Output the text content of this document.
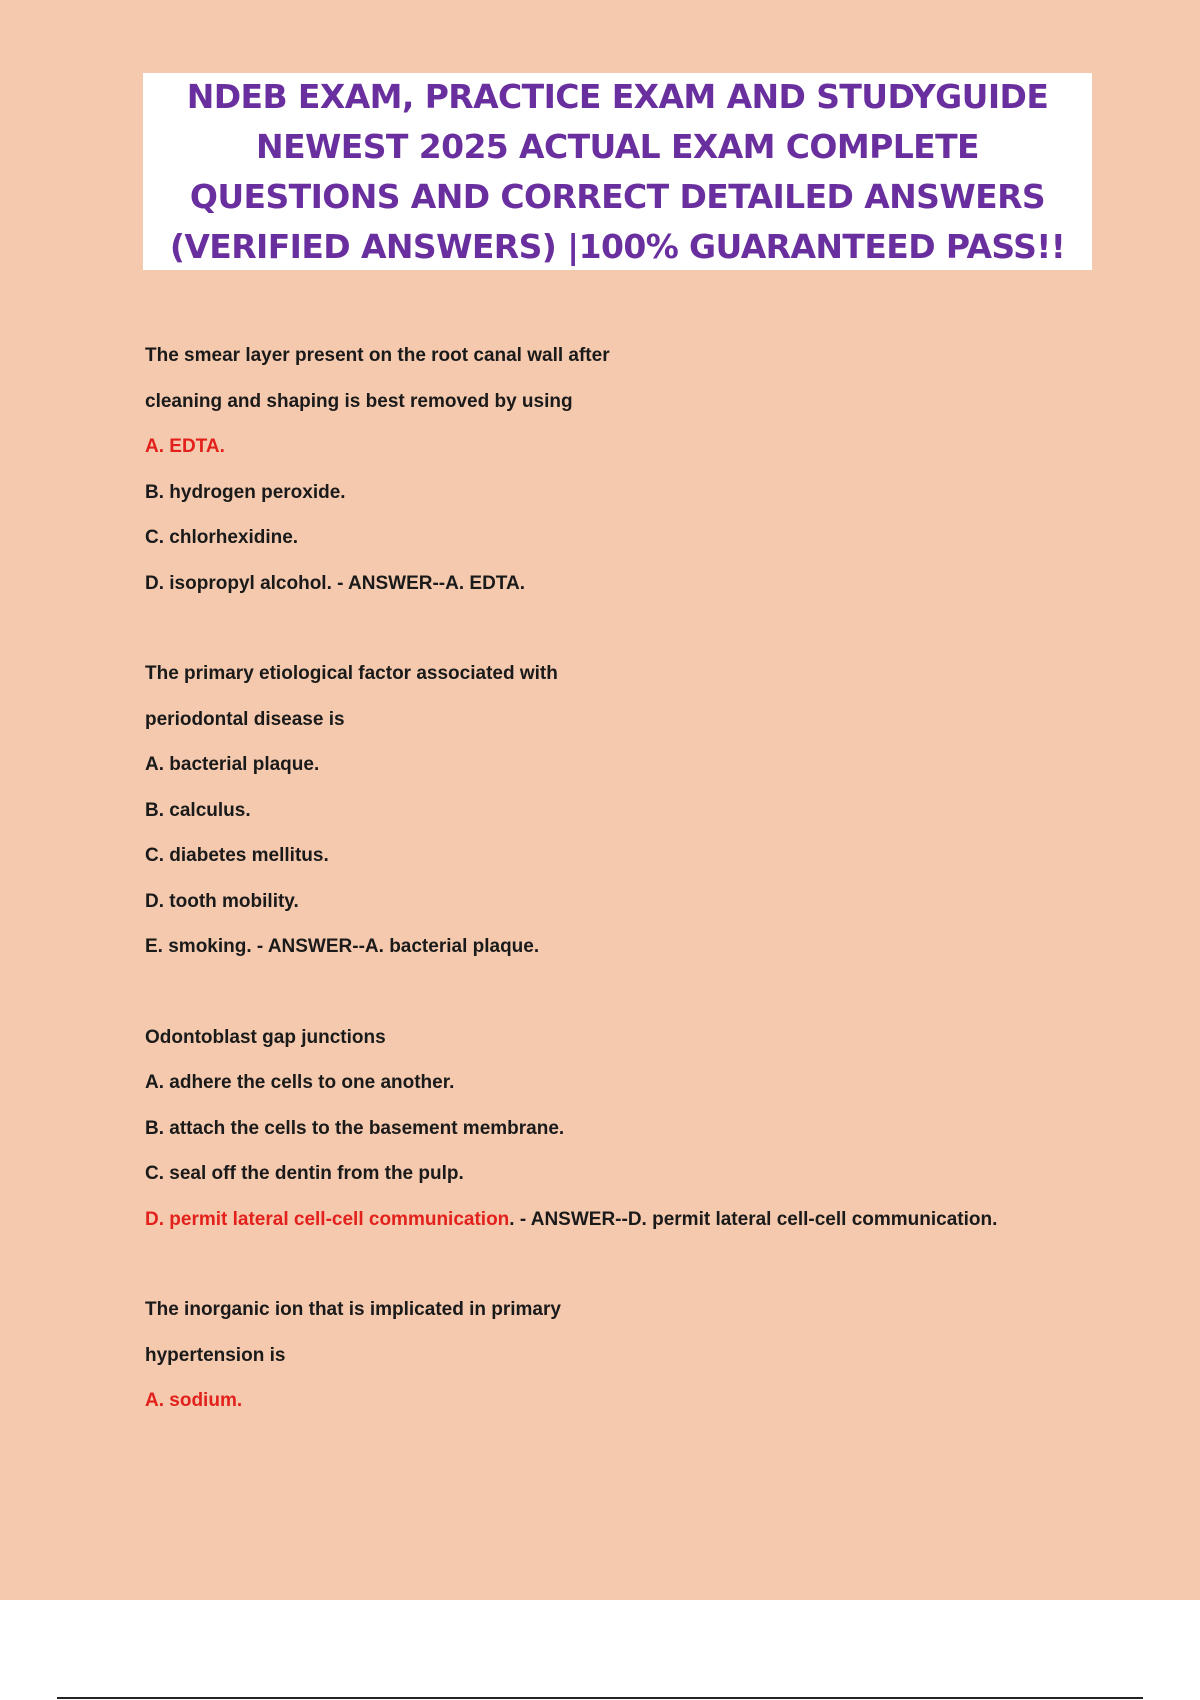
NDEB EXAM, PRACTICE EXAM AND STUDYGUIDE NEWEST 2025 ACTUAL EXAM COMPLETE QUESTIONS AND CORRECT DETAILED ANSWERS (VERIFIED ANSWERS) |100% GUARANTEED PASS!!
The smear layer present on the root canal wall after
cleaning and shaping is best removed by using
A. EDTA.
B. hydrogen peroxide.
C. chlorhexidine.
D. isopropyl alcohol. - ANSWER--A. EDTA.
The primary etiological factor associated with
periodontal disease is
A. bacterial plaque.
B. calculus.
C. diabetes mellitus.
D. tooth mobility.
E. smoking. - ANSWER--A. bacterial plaque.
Odontoblast gap junctions
A. adhere the cells to one another.
B. attach the cells to the basement membrane.
C. seal off the dentin from the pulp.
D. permit lateral cell-cell communication. - ANSWER--D. permit lateral cell-cell communication.
The inorganic ion that is implicated in primary
hypertension is
A. sodium.
